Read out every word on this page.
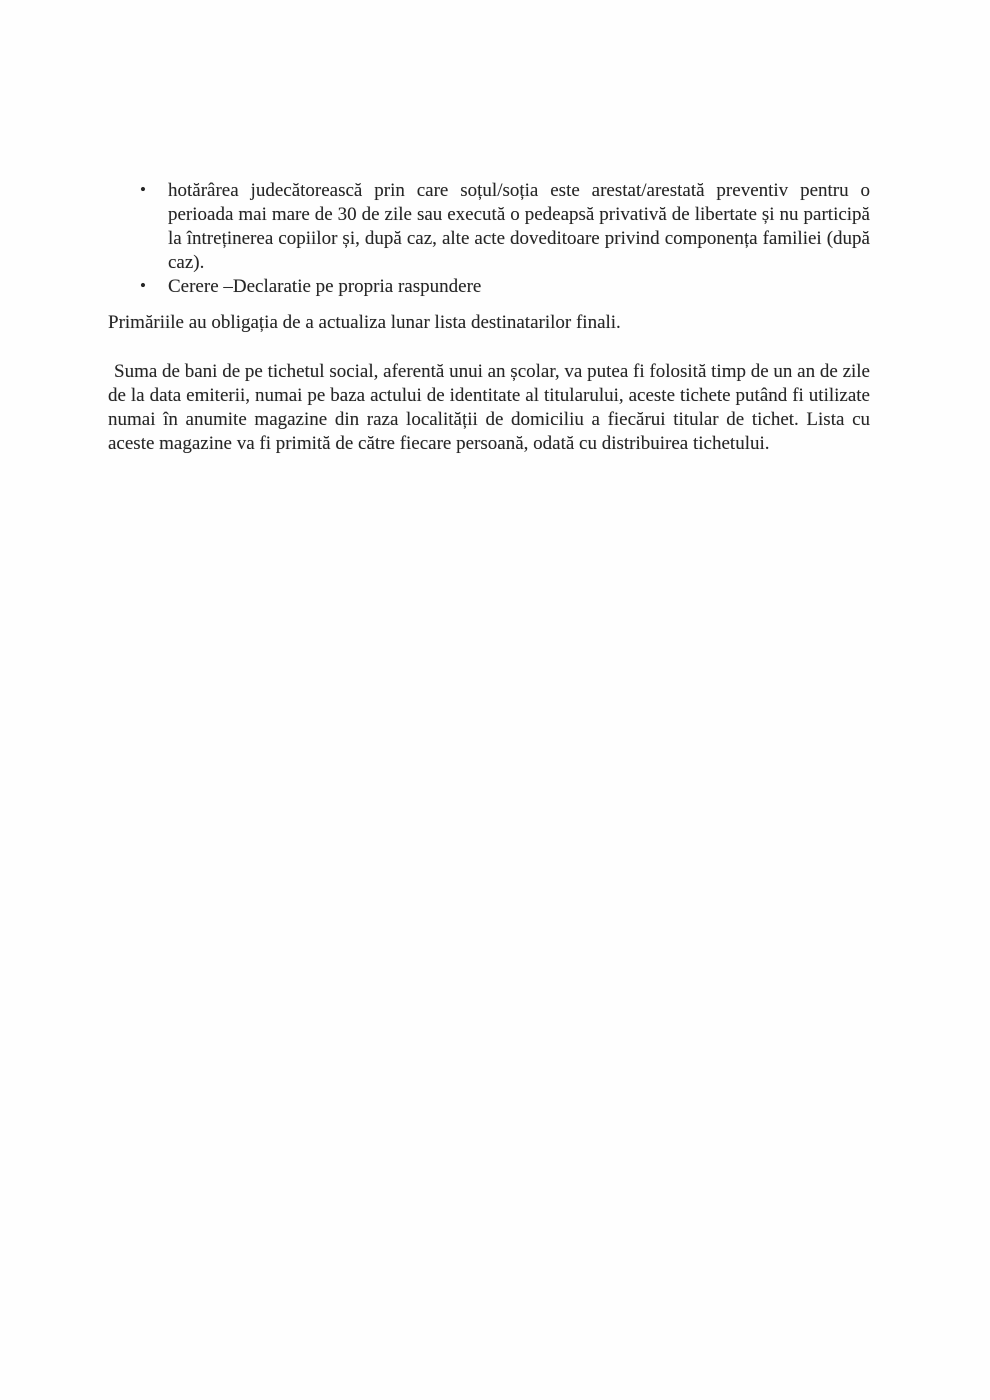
• hotărârea judecătorească prin care soțul/soția este arestat/arestată preventiv pentru o perioada mai mare de 30 de zile sau execută o pedeapsă privativă de libertate și nu participă la întreținerea copiilor și, după caz, alte acte doveditoare privind componența familiei (după caz).
• Cerere –Declaratie pe propria raspundere

Primăriile au obligația de a actualiza lunar lista destinatarilor finali.

Suma de bani de pe tichetul social, aferentă unui an școlar, va putea fi folosită timp de un an de zile de la data emiterii, numai pe baza actului de identitate al titularului, aceste tichete putând fi utilizate numai în anumite magazine din raza localității de domiciliu a fiecărui titular de tichet. Lista cu aceste magazine va fi primită de către fiecare persoană, odată cu distribuirea tichetului.
